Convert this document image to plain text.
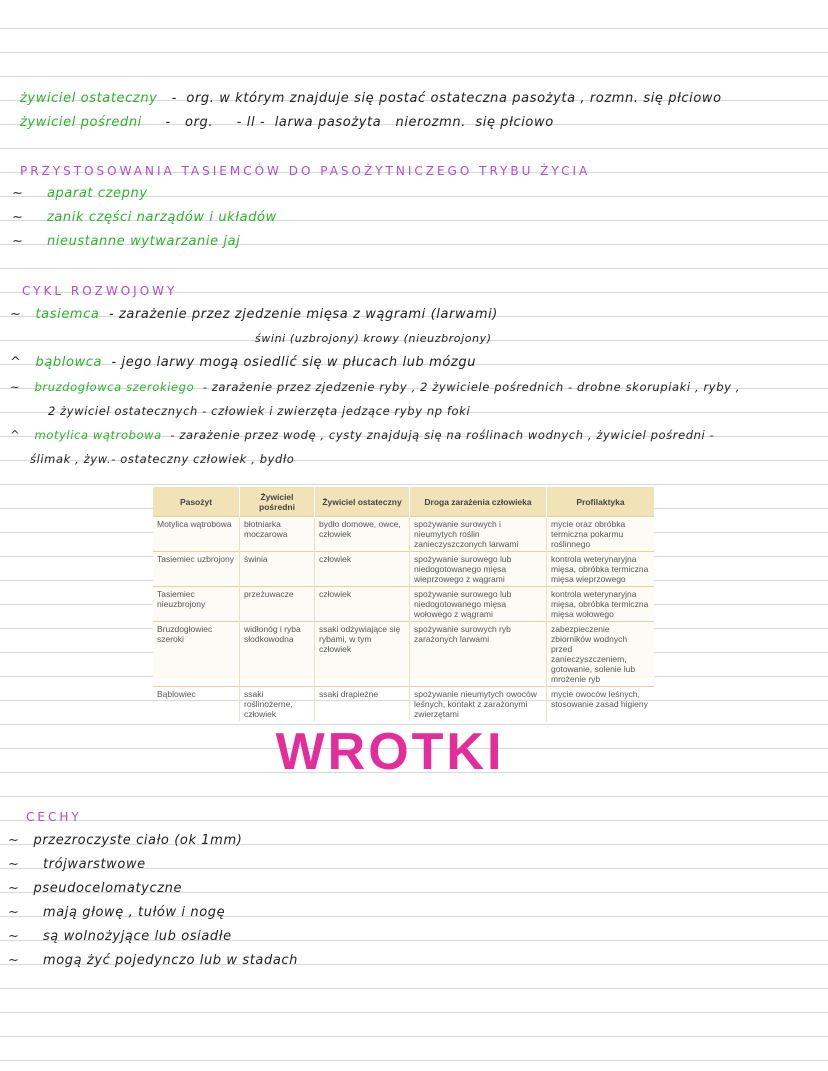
żywiciel ostateczny   -  org. w którym znajduje się postać ostateczna pasożyta , rozmn. się płciowo
żywiciel pośredni     -   org.     - ll -  larwa pasożyta   nierozmn.  się płciowo
PRZYSTOSOWANIA TASIEMCÓW DO PASOŻYTNICZEGO TRYBU ŻYCIA
~ aparat czepny
~ zanik części narządów i układów
~ nieustanne wytwarzanie jaj
CYKL ROZWOJOWY
~ tasiemca - zarażenie przez zjedzenie mięsa z wągrami (larwami)
świni (uzbrojony) krowy (nieuzbrojony)
^ bąblowca - jego larwy mogą osiedlić się w płucach lub mózgu
~ bruzdogłowca szerokiego - zarażenie przez zjedzenie ryby , 2 żywiciele pośrednich - drobne skorupiaki , ryby ,
2 żywiciel ostatecznych - człowiek i zwierzęta jedzące ryby np foki
^ motylica wątrobowa - zarażenie przez wodę , cysty znajdują się na roślinach wodnych , żywiciel pośredni -
ślimak , żyw.- ostateczny człowiek , bydło
Pasożyt	Żywiciel pośredni	Żywiciel ostateczny	Droga zarażenia człowieka	Profilaktyka
Motylica wątrobowa	błotniarka moczarowa	bydło domowe, owce, człowiek	spożywanie surowych i nieumytych roślin zanieczyszczonych larwami	mycie oraz obróbka termiczna pokarmu roślinnego
Tasiemiec uzbrojony	świnia	człowiek	spożywanie surowego lub niedogotowanego mięsa wieprzowego z wągrami	kontrola weterynaryjna mięsa, obróbka termiczna mięsa wieprzowego
Tasiemiec nieuzbrojony	przeżuwacze	człowiek	spożywanie surowego lub niedogotowanego mięsa wołowego z wągrami	kontrola weterynaryjna mięsa, obróbka termiczna mięsa wołowego
Bruzdogłowiec szeroki	widłonóg i ryba słodkowodna	ssaki odżywiające się rybami, w tym człowiek	spożywanie surowych ryb zarażonych larwami	zabezpieczenie zbiorników wodnych przed zanieczyszczeniem, gotowanie, solenie lub mrożenie ryb
Bąblowiec	ssaki roślinożerne, człowiek	ssaki drapieżne	spożywanie nieumytych owoców leśnych, kontakt z zarażonymi zwierzętami	mycie owoców leśnych, stosowanie zasad higieny
WROTKI
CECHY
~ przezroczyste ciało (ok 1mm)
~ trójwarstwowe
~ pseudocelomatyczne
~ mają głowę , tułów i nogę
~ są wolnożyjące lub osiadłe
~ mogą żyć pojedynczo lub w stadach
